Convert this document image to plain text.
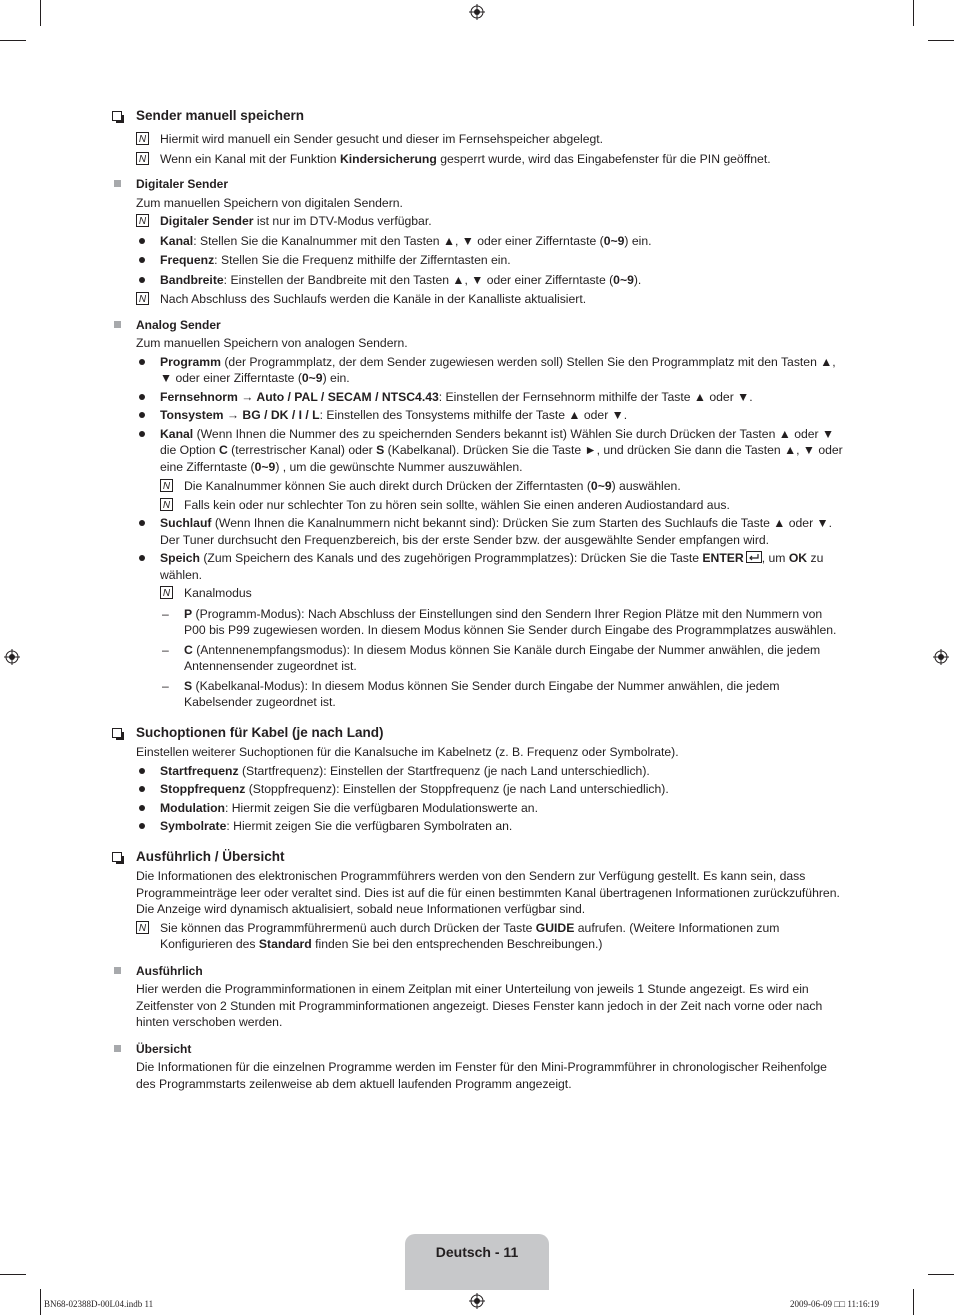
Sender manuell speichern
N Hiermit wird manuell ein Sender gesucht und dieser im Fernsehspeicher abgelegt.
N Wenn ein Kanal mit der Funktion Kindersicherung gesperrt wurde, wird das Eingabefenster für die PIN geöffnet.
Digitaler Sender
Zum manuellen Speichern von digitalen Sendern.
N Digitaler Sender ist nur im DTV-Modus verfügbar.
Kanal: Stellen Sie die Kanalnummer mit den Tasten ▲, ▼ oder einer Zifferntaste (0~9) ein.
Frequenz: Stellen Sie die Frequenz mithilfe der Zifferntasten ein.
Bandbreite: Einstellen der Bandbreite mit den Tasten ▲, ▼ oder einer Zifferntaste (0~9).
N Nach Abschluss des Suchlaufs werden die Kanäle in der Kanalliste aktualisiert.
Analog Sender
Zum manuellen Speichern von analogen Sendern.
Programm (der Programmplatz, der dem Sender zugewiesen werden soll) Stellen Sie den Programmplatz mit den Tasten ▲, ▼ oder einer Zifferntaste (0~9) ein.
Fernsehnorm → Auto / PAL / SECAM / NTSC4.43: Einstellen der Fernsehnorm mithilfe der Taste ▲ oder ▼.
Tonsystem → BG / DK / I / L: Einstellen des Tonsystems mithilfe der Taste ▲ oder ▼.
Kanal (Wenn Ihnen die Nummer des zu speichernden Senders bekannt ist) Wählen Sie durch Drücken der Tasten ▲ oder ▼ die Option C (terrestrischer Kanal) oder S (Kabelkanal). Drücken Sie die Taste ►, und drücken Sie dann die Tasten ▲, ▼ oder eine Zifferntaste (0~9) , um die gewünschte Nummer auszuwählen.
N Die Kanalnummer können Sie auch direkt durch Drücken der Zifferntasten (0~9) auswählen.
N Falls kein oder nur schlechter Ton zu hören sein sollte, wählen Sie einen anderen Audiostandard aus.
Suchlauf (Wenn Ihnen die Kanalnummern nicht bekannt sind): Drücken Sie zum Starten des Suchlaufs die Taste ▲ oder ▼. Der Tuner durchsucht den Frequenzbereich, bis der erste Sender bzw. der ausgewählte Sender empfangen wird.
Speich (Zum Speichern des Kanals und des zugehörigen Programmplatzes): Drücken Sie die Taste ENTER , um OK zu wählen.
N Kanalmodus
– P (Programm-Modus): Nach Abschluss der Einstellungen sind den Sendern Ihrer Region Plätze mit den Nummern von P00 bis P99 zugewiesen worden. In diesem Modus können Sie Sender durch Eingabe des Programmplatzes auswählen.
– C (Antennenempfangsmodus): In diesem Modus können Sie Kanäle durch Eingabe der Nummer anwählen, die jedem Antennensender zugeordnet ist.
– S (Kabelkanal-Modus): In diesem Modus können Sie Sender durch Eingabe der Nummer anwählen, die jedem Kabelsender zugeordnet ist.
Suchoptionen für Kabel (je nach Land)
Einstellen weiterer Suchoptionen für die Kanalsuche im Kabelnetz (z. B. Frequenz oder Symbolrate).
Startfrequenz (Startfrequenz): Einstellen der Startfrequenz (je nach Land unterschiedlich).
Stoppfrequenz (Stoppfrequenz): Einstellen der Stoppfrequenz (je nach Land unterschiedlich).
Modulation: Hiermit zeigen Sie die verfügbaren Modulationswerte an.
Symbolrate: Hiermit zeigen Sie die verfügbaren Symbolraten an.
Ausführlich / Übersicht
Die Informationen des elektronischen Programmführers werden von den Sendern zur Verfügung gestellt. Es kann sein, dass Programmeinträge leer oder veraltet sind. Dies ist auf die für einen bestimmten Kanal übertragenen Informationen zurückzuführen. Die Anzeige wird dynamisch aktualisiert, sobald neue Informationen verfügbar sind.
N Sie können das Programmführermenü auch durch Drücken der Taste GUIDE aufrufen. (Weitere Informationen zum Konfigurieren des Standard finden Sie bei den entsprechenden Beschreibungen.)
Ausführlich
Hier werden die Programminformationen in einem Zeitplan mit einer Unterteilung von jeweils 1 Stunde angezeigt. Es wird ein Zeitfenster von 2 Stunden mit Programminformationen angezeigt. Dieses Fenster kann jedoch in der Zeit nach vorne oder nach hinten verschoben werden.
Übersicht
Die Informationen für die einzelnen Programme werden im Fenster für den Mini-Programmführer in chronologischer Reihenfolge des Programmstarts zeilenweise ab dem aktuell laufenden Programm angezeigt.
Deutsch - 11
BN68-02388D-00L04.indb 11	2009-06-09 □□ 11:16:19
